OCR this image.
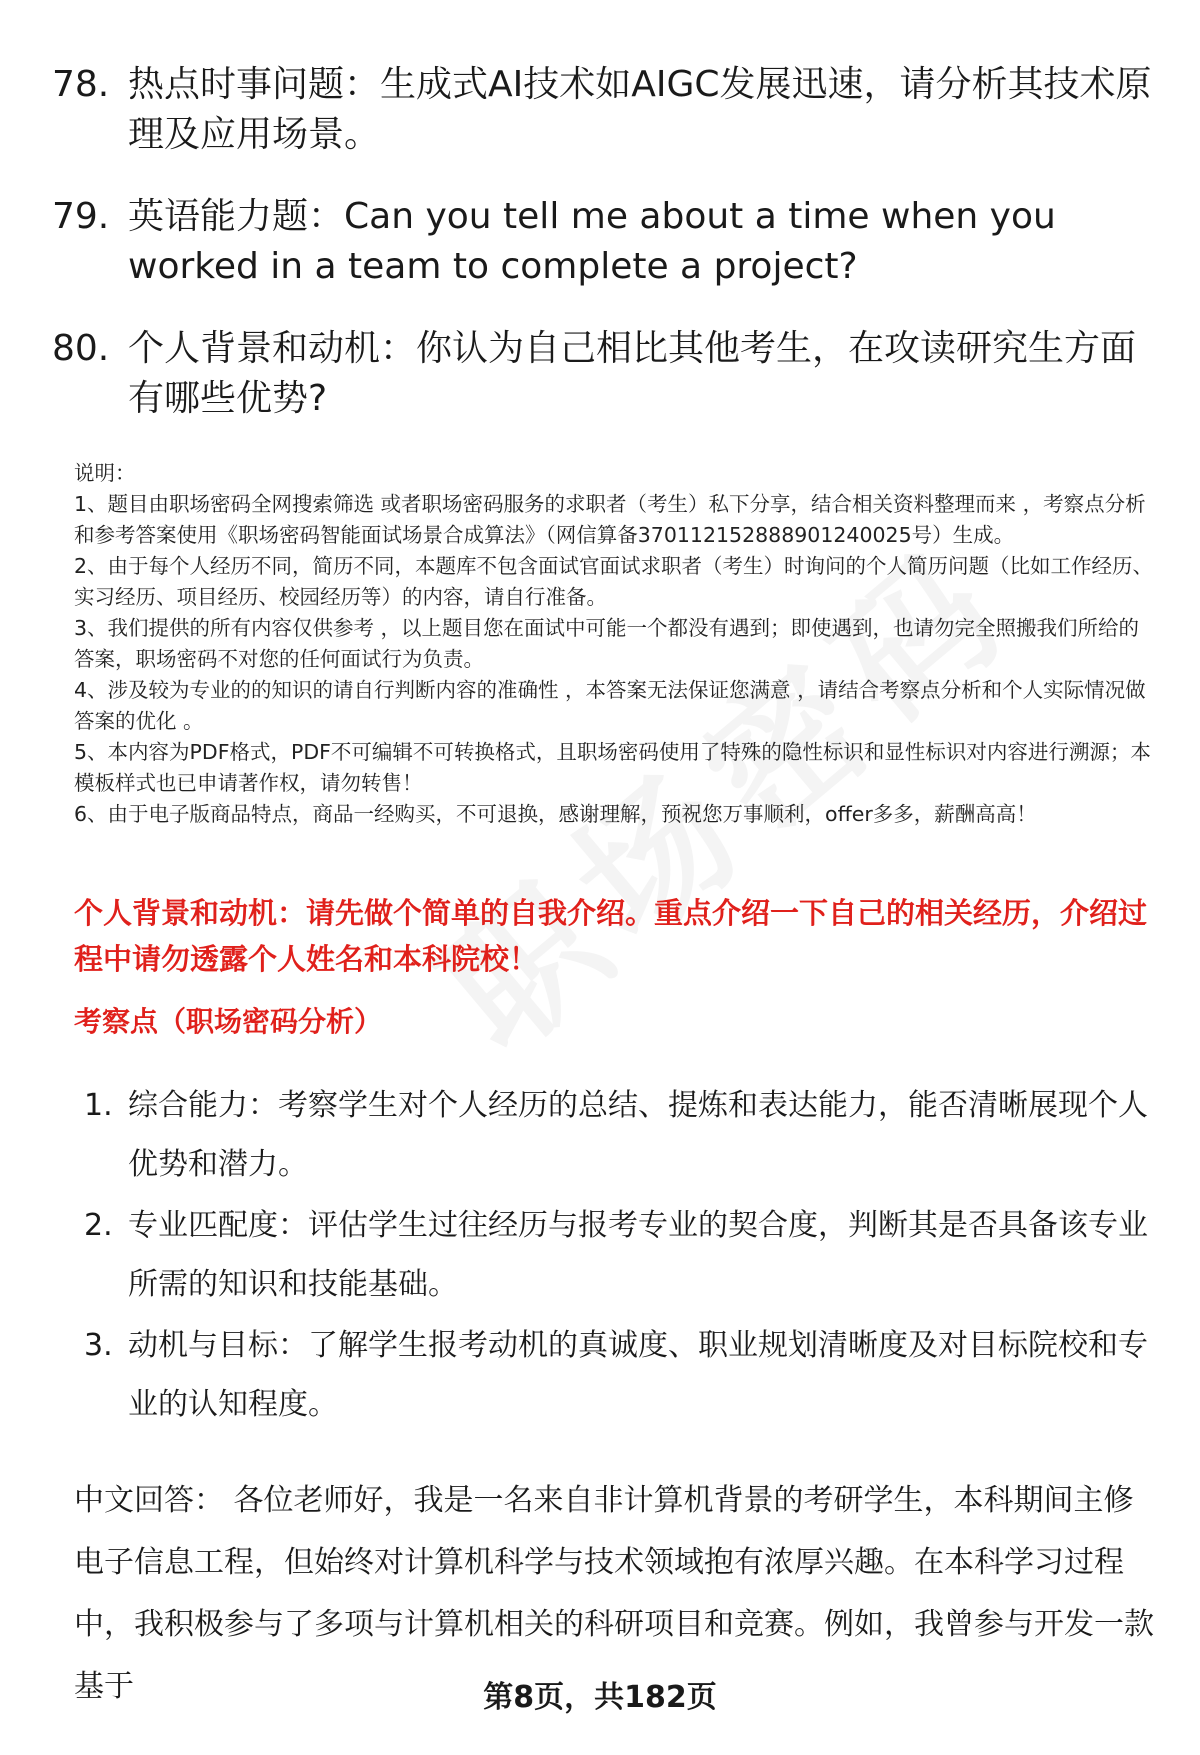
78. 热点时事问题：生成式AI技术如AIGC发展迅速，请分析其技术原理及应用场景。
79. 英语能力题：Can you tell me about a time when you worked in a team to complete a project?
80. 个人背景和动机：你认为自己相比其他考生，在攻读研究生方面有哪些优势?

说明：

1、题目由职场密码全网搜索筛选 或者职场密码服务的求职者（考生）私下分享，结合相关资料整理而来 ，考察点分析和参考答案使用《职场密码智能面试场景合成算法》（网信算备370112152888901240025号）生成。

2、由于每个人经历不同，简历不同，本题库不包含面试官面试求职者（考生）时询问的个人简历问题（比如工作经历、实习经历、项目经历、校园经历等）的内容，请自行准备。

3、我们提供的所有内容仅供参考 ，以上题目您在面试中可能一个都没有遇到；即使遇到，也请勿完全照搬我们所给的答案，职场密码不对您的任何面试行为负责。

4、涉及较为专业的的知识的请自行判断内容的准确性 ，本答案无法保证您满意 ，请结合考察点分析和个人实际情况做答案的优化 。

5、本内容为PDF格式，PDF不可编辑不可转换格式，且职场密码使用了特殊的隐性标识和显性标识对内容进行溯源；本模板样式也已申请著作权，请勿转售！

6、由于电子版商品特点，商品一经购买，不可退换，感谢理解，预祝您万事顺利，offer多多，薪酬高高！

个人背景和动机：请先做个简单的自我介绍。重点介绍一下自己的相关经历，介绍过程中请勿透露个人姓名和本科院校！
考察点（职场密码分析）
1. 综合能力：考察学生对个人经历的总结、提炼和表达能力，能否清晰展现个人优势和潜力。
2. 专业匹配度：评估学生过往经历与报考专业的契合度，判断其是否具备该专业所需的知识和技能基础。
3. 动机与目标：了解学生报考动机的真诚度、职业规划清晰度及对目标院校和专业的认知程度。
中文回答： 各位老师好，我是一名来自非计算机背景的考研学生，本科期间主修电子信息工程，但始终对计算机科学与技术领域抱有浓厚兴趣。在本科学习过程中，我积极参与了多项与计算机相关的科研项目和竞赛。例如，我曾参与开发一款基于	第8页，共182页
